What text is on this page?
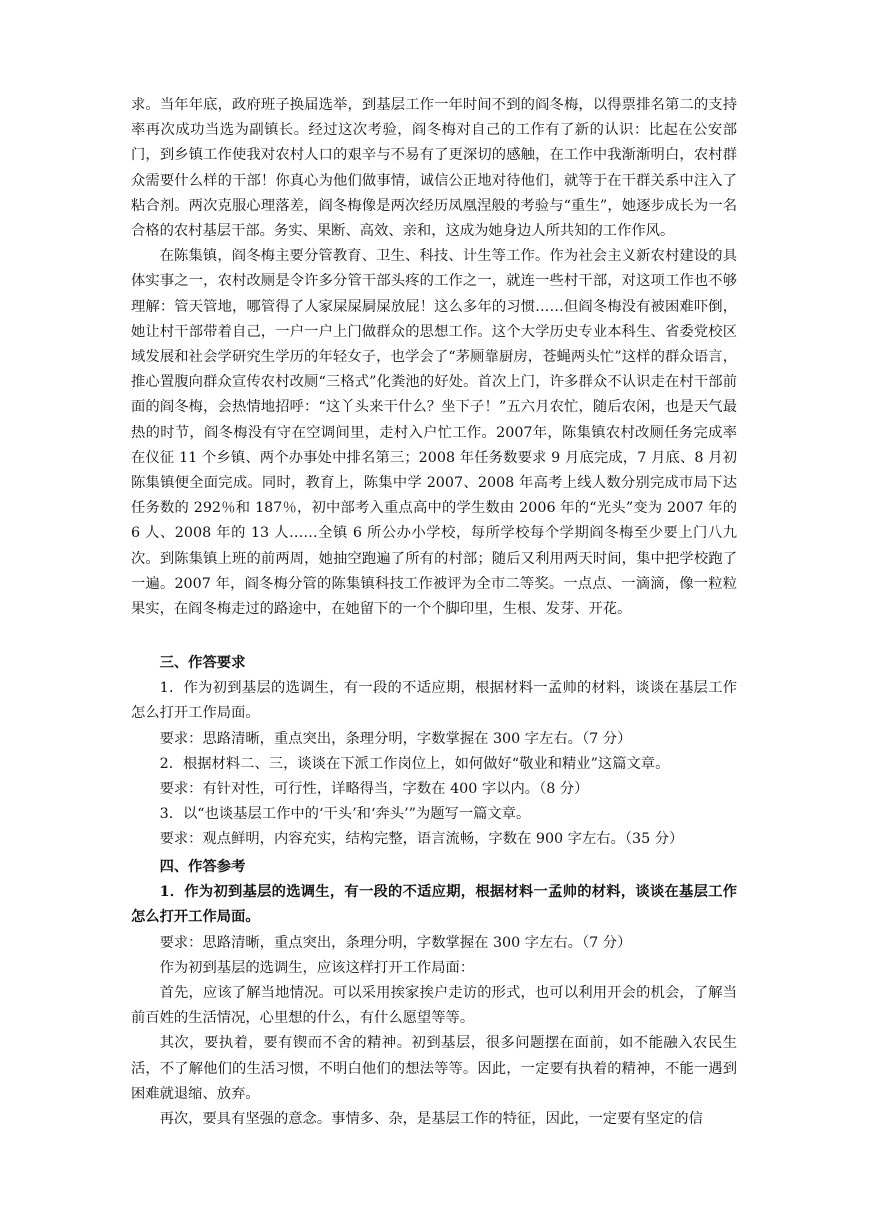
求。当年年底，政府班子换届选举，到基层工作一年时间不到的阎冬梅，以得票排名第二的支持率再次成功当选为副镇长。经过这次考验，阎冬梅对自己的工作有了新的认识：比起在公安部门，到乡镇工作使我对农村人口的艰辛与不易有了更深切的感触，在工作中我渐渐明白，农村群众需要什么样的干部！你真心为他们做事情，诚信公正地对待他们，就等于在干群关系中注入了粘合剂。两次克服心理落差，阎冬梅像是两次经历凤凰涅般的考验与“重生”，她逐步成长为一名合格的农村基层干部。务实、果断、高效、亲和，这成为她身边人所共知的工作作风。

在陈集镇，阎冬梅主要分管教育、卫生、科技、计生等工作。作为社会主义新农村建设的具体实事之一，农村改厕是令许多分管干部头疼的工作之一，就连一些村干部，对这项工作也不够理解：管天管地，哪管得了人家屎屎屙屎放屁！这么多年的习惯……但阎冬梅没有被困难吓倒，她让村干部带着自己，一户一户上门做群众的思想工作。这个大学历史专业本科生、省委党校区域发展和社会学研究生学历的年轻女子，也学会了“茅厕靠厨房，苍蝇两头忙”这样的群众语言，推心置腹向群众宣传农村改厕“三格式”化粪池的好处。首次上门，许多群众不认识走在村干部前面的阎冬梅，会热情地招呼：“这丫头来干什么？坐下子！”五六月农忙，随后农闲，也是天气最热的时节，阎冬梅没有守在空调间里，走村入户忙工作。2007年，陈集镇农村改厕任务完成率在仪征 11 个乡镇、两个办事处中排名第三；2008 年任务数要求 9 月底完成，7 月底、8 月初陈集镇便全面完成。同时，教育上，陈集中学 2007、2008 年高考上线人数分别完成市局下达任务数的 292％和 187％，初中部考入重点高中的学生数由 2006 年的“光头”变为 2007 年的 6 人、2008 年的 13 人……全镇 6 所公办小学校，每所学校每个学期阎冬梅至少要上门八九次。到陈集镇上班的前两周，她抽空跑遍了所有的村部；随后又利用两天时间，集中把学校跑了一遍。2007 年，阎冬梅分管的陈集镇科技工作被评为全市二等奖。一点点、一滴滴，像一粒粒果实，在阎冬梅走过的路途中，在她留下的一个个脚印里，生根、发芽、开花。

三、作答要求

1．作为初到基层的选调生，有一段的不适应期，根据材料一孟帅的材料，谈谈在基层工作怎么打开工作局面。

要求：思路清晰，重点突出，条理分明，字数掌握在 300 字左右。（7 分）

2．根据材料二、三，谈谈在下派工作岗位上，如何做好“敬业和精业”这篇文章。

要求：有针对性，可行性，详略得当，字数在 400 字以内。（8 分）

3．以“也谈基层工作中的‘干头’和‘奔头’”为题写一篇文章。

要求：观点鲜明，内容充实，结构完整，语言流畅，字数在 900 字左右。（35 分）

四、作答参考

1．作为初到基层的选调生，有一段的不适应期，根据材料一孟帅的材料，谈谈在基层工作怎么打开工作局面。

要求：思路清晰，重点突出，条理分明，字数掌握在 300 字左右。（7 分）

作为初到基层的选调生，应该这样打开工作局面：

首先，应该了解当地情况。可以采用挨家挨户走访的形式，也可以利用开会的机会，了解当前百姓的生活情况，心里想的什么，有什么愿望等等。

其次，要执着，要有锲而不舍的精神。初到基层，很多问题摆在面前，如不能融入农民生活，不了解他们的生活习惯，不明白他们的想法等等。因此，一定要有执着的精神，不能一遇到困难就退缩、放弃。

再次，要具有坚强的意念。事情多、杂，是基层工作的特征，因此，一定要有坚定的信
